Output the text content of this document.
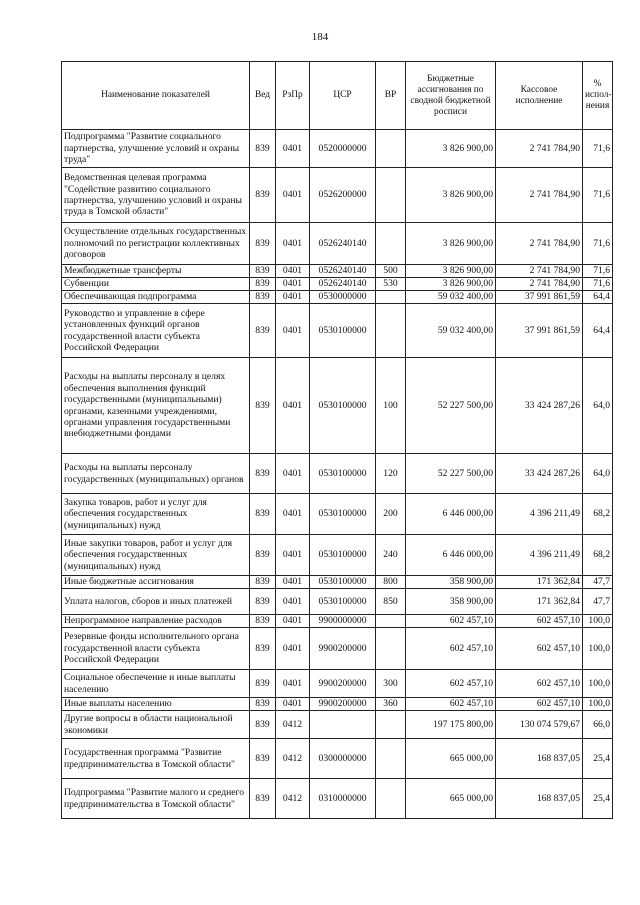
184
Наименование показателей	Вед	РзПр	ЦСР	ВР	Бюджетные ассигнования по сводной бюджетной росписи	Кассовое исполнение	% испол-нения
Подпрограмма "Развитие социального партнерства, улучшение условий и охраны труда"	839	0401	0520000000		3 826 900,00	2 741 784,90	71,6
Ведомственная целевая программа "Содействие развитию социального партнерства, улучшению условий и охраны труда в Томской области"	839	0401	0526200000		3 826 900,00	2 741 784,90	71,6
Осуществление отдельных государственных полномочий по регистрации коллективных договоров	839	0401	0526240140		3 826 900,00	2 741 784,90	71,6
Межбюджетные трансферты	839	0401	0526240140	500	3 826 900,00	2 741 784,90	71,6
Субвенции	839	0401	0526240140	530	3 826 900,00	2 741 784,90	71,6
Обеспечивающая подпрограмма	839	0401	0530000000		59 032 400,00	37 991 861,59	64,4
Руководство и управление в сфере установленных функций органов государственной власти субъекта Российской Федерации	839	0401	0530100000		59 032 400,00	37 991 861,59	64,4
Расходы на выплаты персоналу в целях обеспечения выполнения функций государственными (муниципальными) органами, казенными учреждениями, органами управления государственными внебюджетными фондами	839	0401	0530100000	100	52 227 500,00	33 424 287,26	64,0
Расходы на выплаты персоналу государственных (муниципальных) органов	839	0401	0530100000	120	52 227 500,00	33 424 287,26	64,0
Закупка товаров, работ и услуг для обеспечения государственных (муниципальных) нужд	839	0401	0530100000	200	6 446 000,00	4 396 211,49	68,2
Иные закупки товаров, работ и услуг для обеспечения государственных (муниципальных) нужд	839	0401	0530100000	240	6 446 000,00	4 396 211,49	68,2
Иные бюджетные ассигнования	839	0401	0530100000	800	358 900,00	171 362,84	47,7
Уплата налогов, сборов и иных платежей	839	0401	0530100000	850	358 900,00	171 362,84	47,7
Непрограммное направление расходов	839	0401	9900000000		602 457,10	602 457,10	100,0
Резервные фонды исполнительного органа государственной власти субъекта Российской Федерации	839	0401	9900200000		602 457,10	602 457,10	100,0
Социальное обеспечение и иные выплаты населению	839	0401	9900200000	300	602 457,10	602 457,10	100,0
Иные выплаты населению	839	0401	9900200000	360	602 457,10	602 457,10	100,0
Другие вопросы в области национальной экономики	839	0412			197 175 800,00	130 074 579,67	66,0
Государственная программа "Развитие предпринимательства в Томской области"	839	0412	0300000000		665 000,00	168 837,05	25,4
Подпрограмма "Развитие малого и среднего предпринимательства в Томской области"	839	0412	0310000000		665 000,00	168 837,05	25,4
